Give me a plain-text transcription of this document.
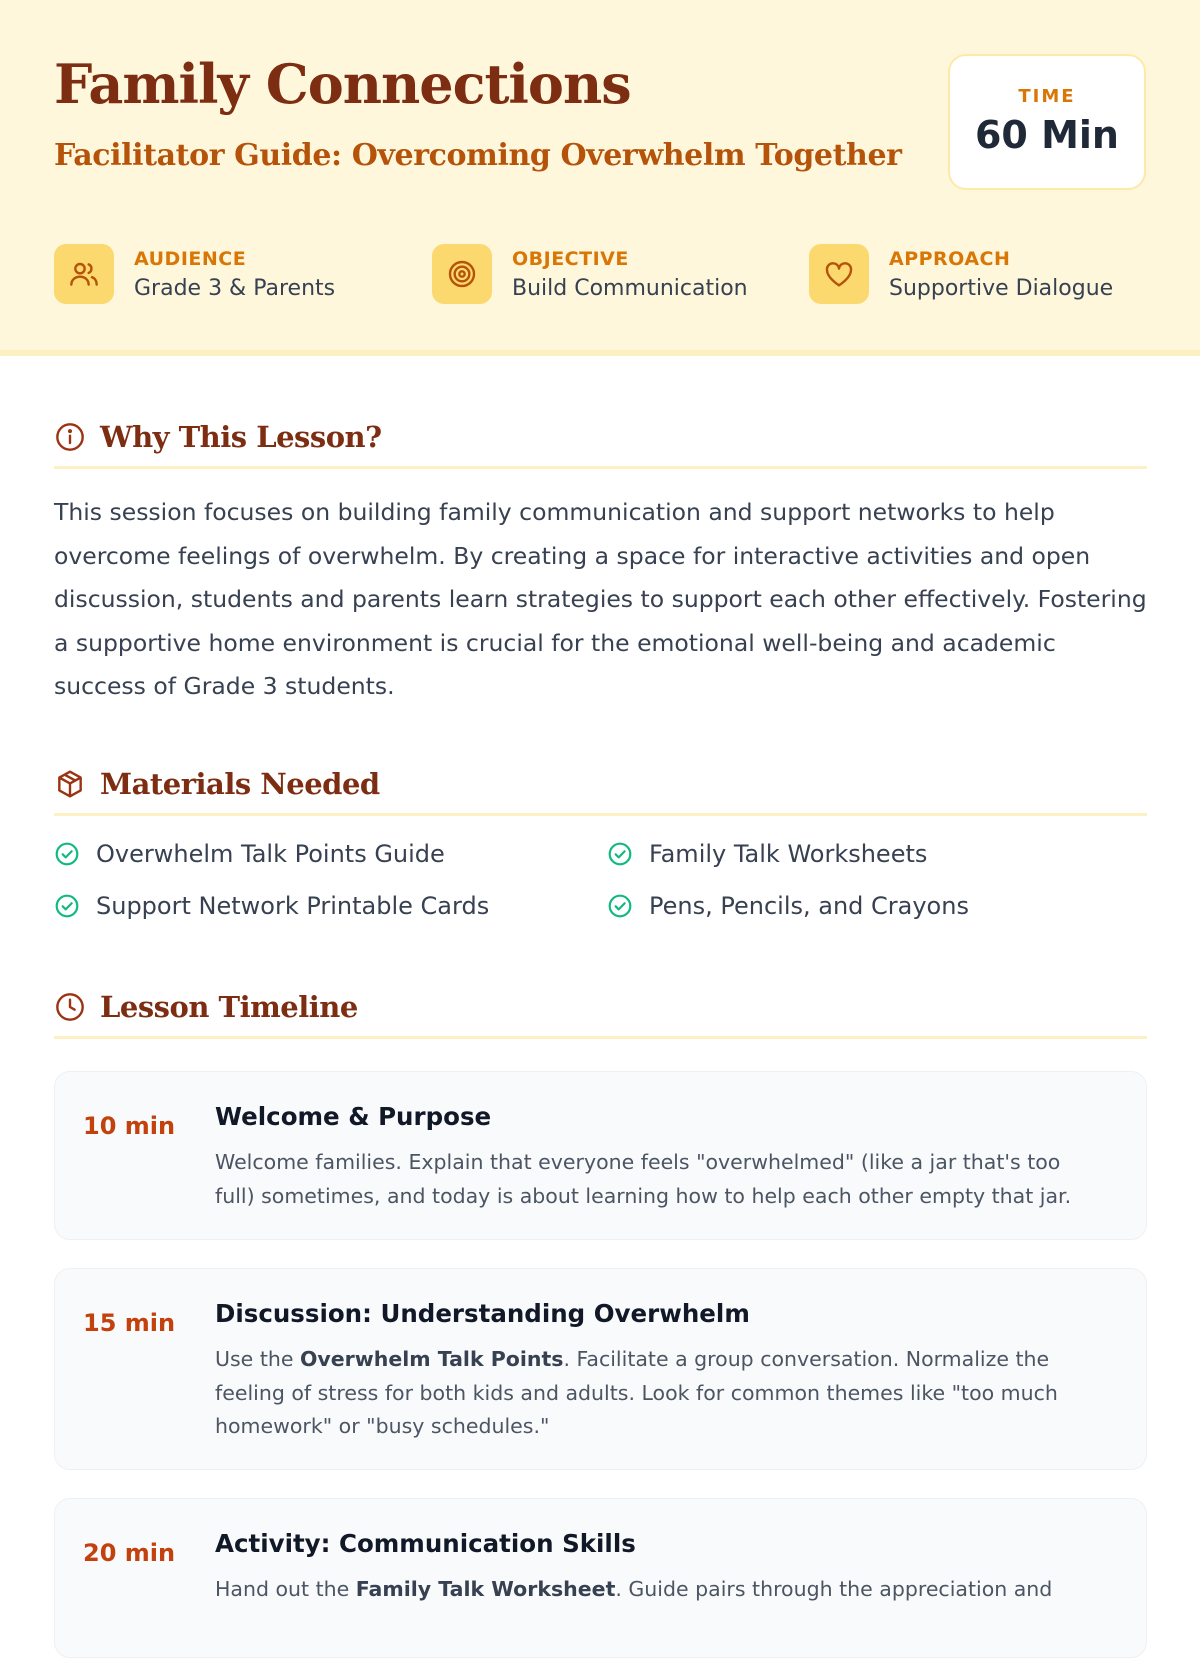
Family Connections
Facilitator Guide: Overcoming Overwhelm Together
TIME
60 Min
AUDIENCE
Grade 3 & Parents
OBJECTIVE
Build Communication
APPROACH
Supportive Dialogue
Why This Lesson?
This session focuses on building family communication and support networks to help overcome feelings of overwhelm. By creating a space for interactive activities and open discussion, students and parents learn strategies to support each other effectively. Fostering a supportive home environment is crucial for the emotional well-being and academic success of Grade 3 students.
Materials Needed
Overwhelm Talk Points Guide	Family Talk Worksheets
Support Network Printable Cards	Pens, Pencils, and Crayons
Lesson Timeline
10 min Welcome & Purpose
Welcome families. Explain that everyone feels "overwhelmed" (like a jar that's too full) sometimes, and today is about learning how to help each other empty that jar.
15 min Discussion: Understanding Overwhelm
Use the Overwhelm Talk Points. Facilitate a group conversation. Normalize the feeling of stress for both kids and adults. Look for common themes like "too much homework" or "busy schedules."
20 min Activity: Communication Skills
Hand out the Family Talk Worksheet. Guide pairs through the appreciation and
